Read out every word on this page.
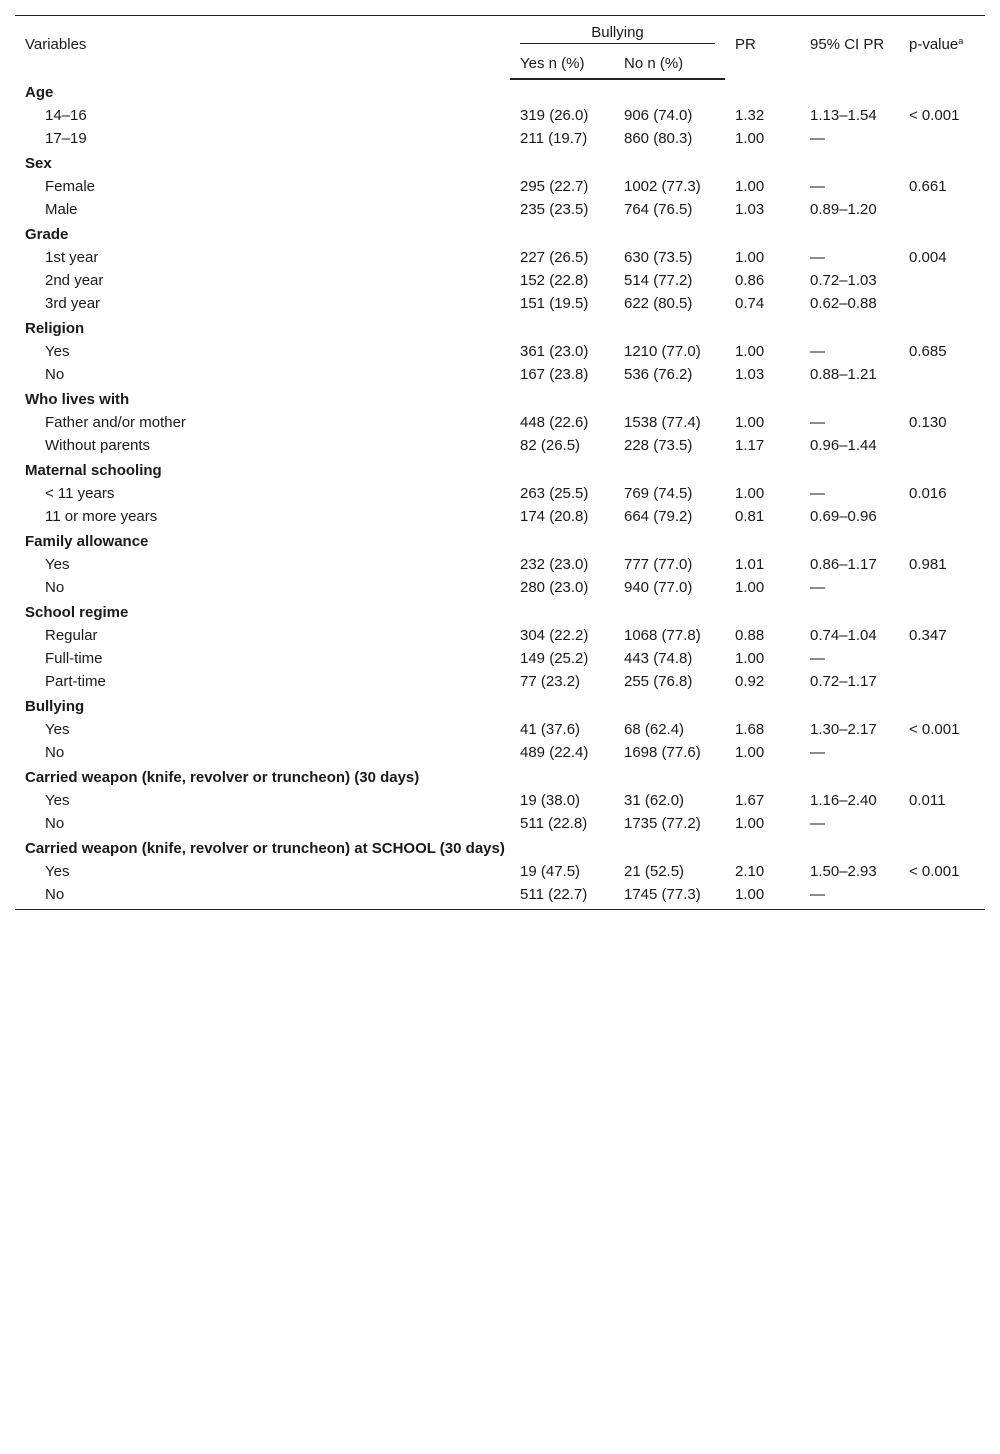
Variables	Bullying		PR	95% CI PR	p-value$^a$
	Yes n (%)	No n (%)			
Age					
14–16	319 (26.0)	906 (74.0)	1.32	1.13–1.54	< 0.001
17–19	211 (19.7)	860 (80.3)	1.00	—	
Sex					
Female	295 (22.7)	1002 (77.3)	1.00	—	0.661
Male	235 (23.5)	764 (76.5)	1.03	0.89–1.20	
Grade					
1st year	227 (26.5)	630 (73.5)	1.00	—	0.004
2nd year	152 (22.8)	514 (77.2)	0.86	0.72–1.03	
3rd year	151 (19.5)	622 (80.5)	0.74	0.62–0.88	
Religion					
Yes	361 (23.0)	1210 (77.0)	1.00	—	0.685
No	167 (23.8)	536 (76.2)	1.03	0.88–1.21	
Who lives with					
Father and/or mother	448 (22.6)	1538 (77.4)	1.00	—	0.130
Without parents	82 (26.5)	228 (73.5)	1.17	0.96–1.44	
Maternal schooling					
< 11 years	263 (25.5)	769 (74.5)	1.00	—	0.016
11 or more years	174 (20.8)	664 (79.2)	0.81	0.69–0.96	
Family allowance					
Yes	232 (23.0)	777 (77.0)	1.01	0.86–1.17	0.981
No	280 (23.0)	940 (77.0)	1.00	—	
School regime					
Regular	304 (22.2)	1068 (77.8)	0.88	0.74–1.04	0.347
Full-time	149 (25.2)	443 (74.8)	1.00	—	
Part-time	77 (23.2)	255 (76.8)	0.92	0.72–1.17	
Bullying					
Yes	41 (37.6)	68 (62.4)	1.68	1.30–2.17	< 0.001
No	489 (22.4)	1698 (77.6)	1.00	—	
Carried weapon (knife, revolver or truncheon) (30 days)					
Yes	19 (38.0)	31 (62.0)	1.67	1.16–2.40	0.011
No	511 (22.8)	1735 (77.2)	1.00	—	
Carried weapon (knife, revolver or truncheon) at SCHOOL (30 days)					
Yes	19 (47.5)	21 (52.5)	2.10	1.50–2.93	< 0.001
No	511 (22.7)	1745 (77.3)	1.00	—	
